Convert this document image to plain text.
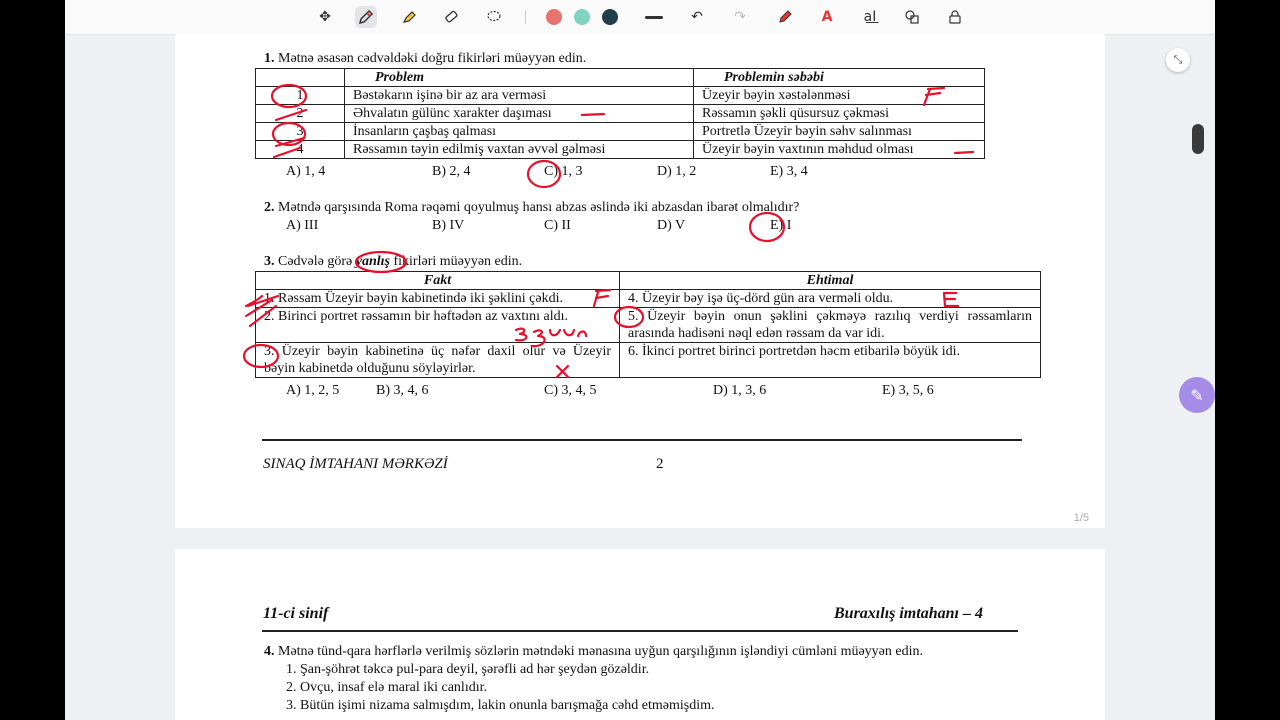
✥	↶	↷	A	a͟I
1. Mətnə əsasən cədvəldəki doğru fikirləri müəyyən edin.
	Problem	Problemin səbəbi
1	Bəstəkarın işinə bir az ara verməsi	Üzeyir bəyin xəstələnməsi
2	Əhvalatın gülünc xarakter daşıması	Rəssamın şəkli qüsursuz çəkməsi
3	İnsanların çaşbaş qalması	Portretlə Üzeyir bəyin səhv salınması
4	Rəssamın təyin edilmiş vaxtan əvvəl gəlməsi	Üzeyir bəyin vaxtının məhdud olması
A) 1, 4	B) 2, 4	C) 1, 3	D) 1, 2	E) 3, 4
2. Mətndə qarşısında Roma rəqəmi qoyulmuş hansı abzas əslində iki abzasdan ibarət olmalıdır?
A) III	B) IV	C) II	D) V	E) I
3. Cədvələ görə yanlış fikirləri müəyyən edin.
Fakt	Ehtimal
1. Rəssam Üzeyir bəyin kabinetində iki şəklini çəkdi.	4. Üzeyir bəy işə üç-dörd gün ara verməli oldu.
2. Birinci portret rəssamın bir həftədən az vaxtını aldı.	5. Üzeyir bəyin onun şəklini çəkməyə razılıq verdiyi rəssamların arasında hadisəni nəql edən rəssam da var idi.
3. Üzeyir bəyin kabinetinə üç nəfər daxil olur və Üzeyir bəyin kabinetdə olduğunu söyləyirlər.	6. İkinci portret birinci portretdən həcm etibarilə böyük idi.
A) 1, 2, 5	B) 3, 4, 6	C) 3, 4, 5	D) 1, 3, 6	E) 3, 5, 6
SINAQ İMTAHANI MƏRKƏZİ	2
1/5
11-ci sinif	Buraxılış imtahanı – 4
4. Mətnə tünd-qara hərflərlə verilmiş sözlərin mətndəki mənasına uyğun qarşılığının işləndiyi cümləni müəyyən edin.
1. Şan-şöhrət təkcə pul-para deyil, şərəfli ad hər şeydən gözəldir.
2. Ovçu, insaf elə maral iki canlıdır.
3. Bütün işimi nizama salmışdım, lakin onunla barışmağa cəhd etməmişdim.
⤡
✎
